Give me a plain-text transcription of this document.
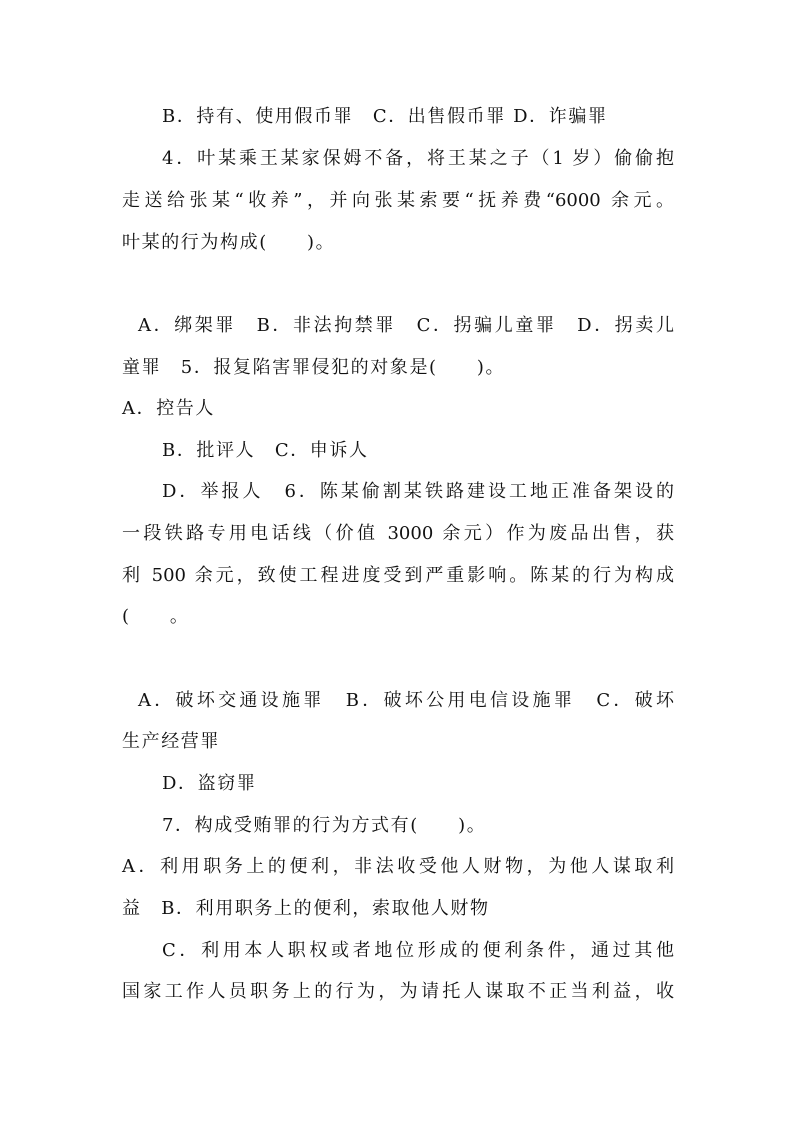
B．持有、使用假币罪　C．出售假币罪 D．诈骗罪
4．叶某乘王某家保姆不备，将王某之子（1 岁）偷偷抱
走送给张某“收养”，并向张某索要“抚养费“6000 余元。
叶某的行为构成(　　)。
A．绑架罪　B．非法拘禁罪　C．拐骗儿童罪　D．拐卖儿
童罪　5．报复陷害罪侵犯的对象是(　　)。
A．控告人
B．批评人　C．申诉人
D．举报人　6．陈某偷割某铁路建设工地正准备架设的
一段铁路专用电话线（价值 3000 余元）作为废品出售，获
利 500 余元，致使工程进度受到严重影响。陈某的行为构成
(　　。
A．破坏交通设施罪　B．破坏公用电信设施罪　C．破坏
生产经营罪
D．盗窃罪
7．构成受贿罪的行为方式有(　　)。
A．利用职务上的便利，非法收受他人财物，为他人谋取利
益　B．利用职务上的便利，索取他人财物
C．利用本人职权或者地位形成的便利条件，通过其他
国家工作人员职务上的行为，为请托人谋取不正当利益，收
